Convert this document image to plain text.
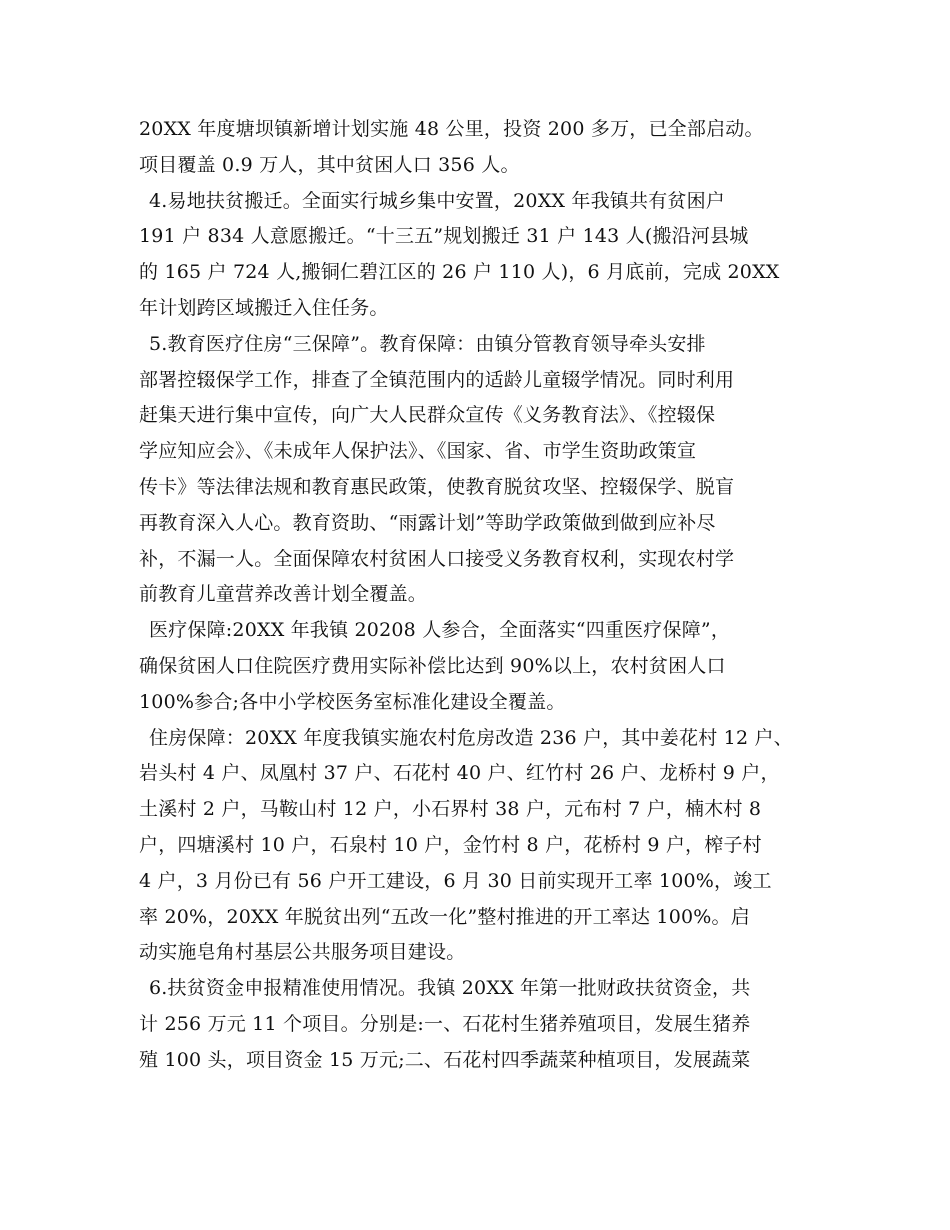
20XX 年度塘坝镇新增计划实施 48 公里，投资 200 多万，已全部启动。
项目覆盖 0.9 万人，其中贫困人口 356 人。
4.易地扶贫搬迁。全面实行城乡集中安置，20XX 年我镇共有贫困户
191 户 834 人意愿搬迁。“十三五”规划搬迁 31 户 143 人(搬沿河县城
的 165 户 724 人,搬铜仁碧江区的 26 户 110 人)，6 月底前，完成 20XX
年计划跨区域搬迁入住任务。
5.教育医疗住房“三保障”。教育保障：由镇分管教育领导牵头安排
部署控辍保学工作，排查了全镇范围内的适龄儿童辍学情况。同时利用
赶集天进行集中宣传，向广大人民群众宣传《义务教育法》、《控辍保
学应知应会》、《未成年人保护法》、《国家、省、市学生资助政策宣
传卡》等法律法规和教育惠民政策，使教育脱贫攻坚、控辍保学、脱盲
再教育深入人心。教育资助、“雨露计划”等助学政策做到做到应补尽
补，不漏一人。全面保障农村贫困人口接受义务教育权利，实现农村学
前教育儿童营养改善计划全覆盖。
医疗保障:20XX 年我镇 20208 人参合，全面落实“四重医疗保障”，
确保贫困人口住院医疗费用实际补偿比达到 90%以上，农村贫困人口
100%参合;各中小学校医务室标准化建设全覆盖。
住房保障：20XX 年度我镇实施农村危房改造 236 户，其中姜花村 12 户、
岩头村 4 户、凤凰村 37 户、石花村 40 户、红竹村 26 户、龙桥村 9 户，
土溪村 2 户，马鞍山村 12 户，小石界村 38 户，元布村 7 户，楠木村 8
户，四塘溪村 10 户，石泉村 10 户，金竹村 8 户，花桥村 9 户，榨子村
4 户，3 月份已有 56 户开工建设，6 月 30 日前实现开工率 100%，竣工
率 20%，20XX 年脱贫出列“五改一化”整村推进的开工率达 100%。启
动实施皂角村基层公共服务项目建设。
6.扶贫资金申报精准使用情况。我镇 20XX 年第一批财政扶贫资金，共
计 256 万元 11 个项目。分别是:一、石花村生猪养殖项目，发展生猪养
殖 100 头，项目资金 15 万元;二、石花村四季蔬菜种植项目，发展蔬菜
